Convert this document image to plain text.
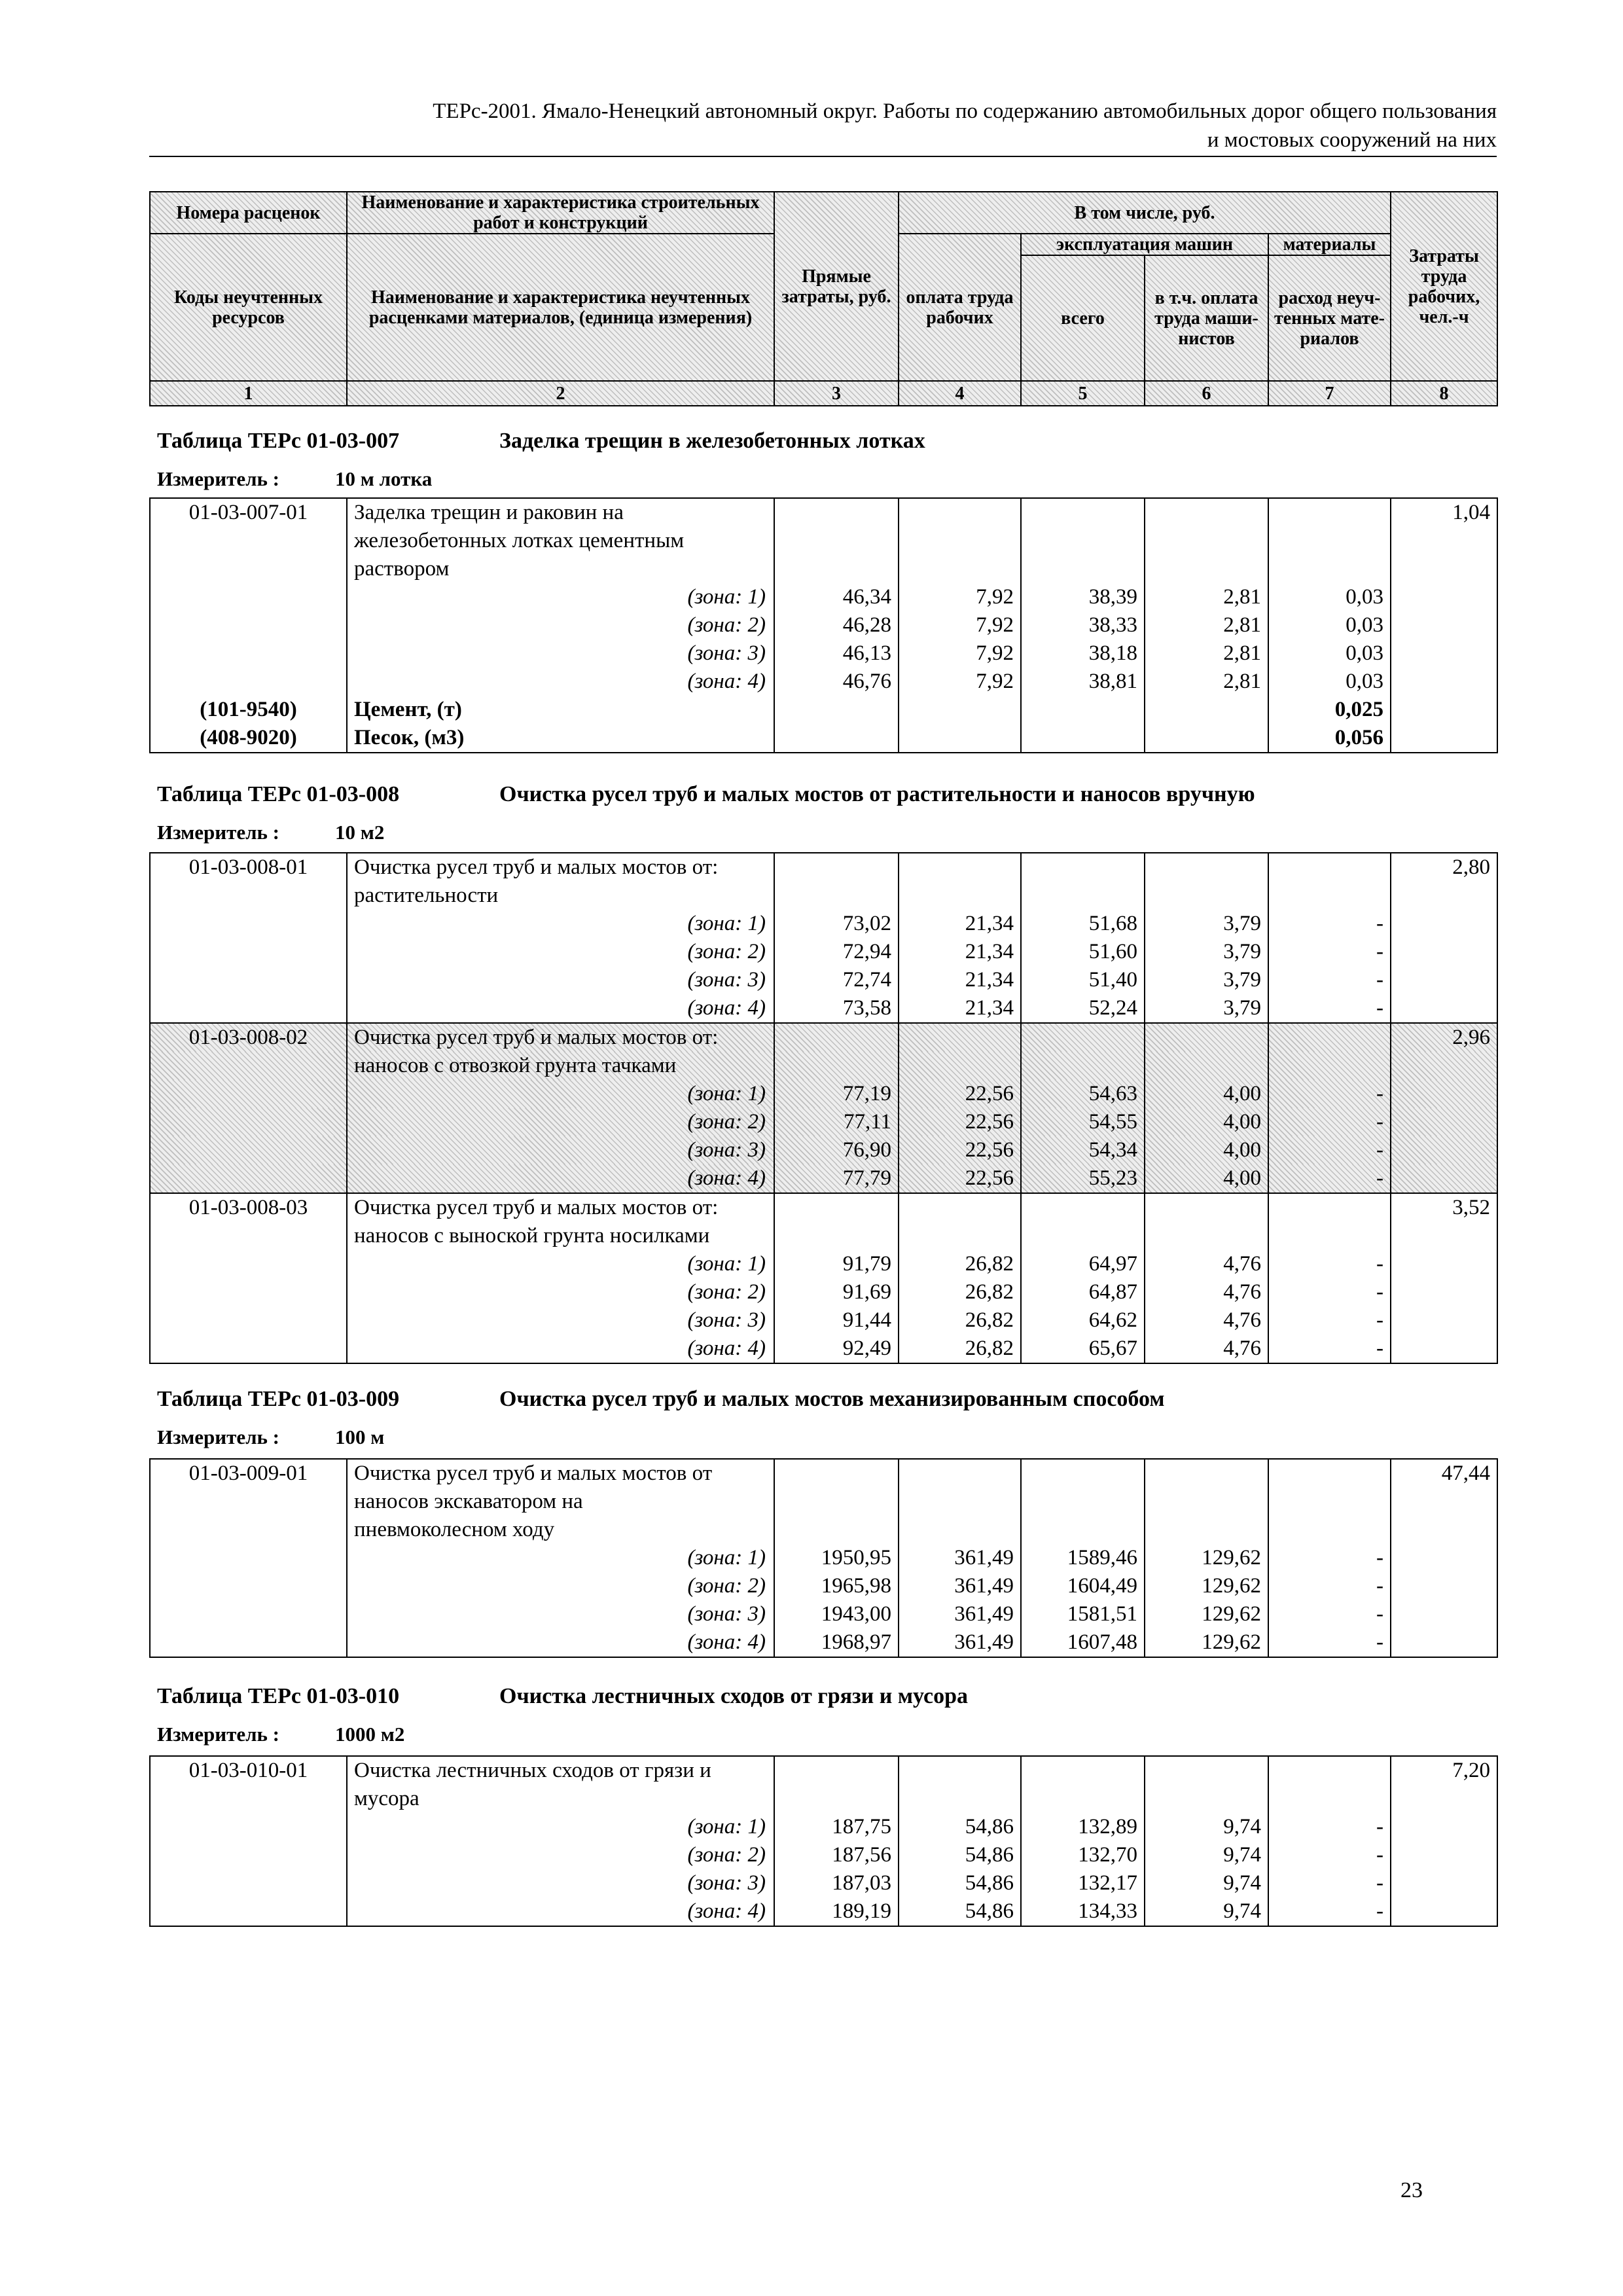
ТЕРс-2001. Ямало-Ненецкий автономный округ. Работы по содержанию автомобильных дорог общего пользования
и мостовых сооружений на них
Номера расценок	Наименование и характеристика строительных работ и конструкций	Прямые затраты, руб.	В том числе, руб.				Затраты труда рабочих, чел.-ч
Коды неучтенных ресурсов	Наименование и характеристика неучтенных расценками материалов, (единица измерения)		оплата труда рабочих	эксплуатация машин		материалы	
				всего	в т.ч. оплата труда маши-нистов	расход неуч-тенных мате-риалов	
1	2	3	4	5	6	7	8
Таблица ТЕРс 01-03-007	Заделка трещин в железобетонных лотках
Измеритель :	10 м лотка
01-03-007-01	Заделка трещин и раковин на						1,04
	железобетонных лотках цементным						
	раствором						
	(зона: 1)	46,34	7,92	38,39	2,81	0,03	
	(зона: 2)	46,28	7,92	38,33	2,81	0,03	
	(зона: 3)	46,13	7,92	38,18	2,81	0,03	
	(зона: 4)	46,76	7,92	38,81	2,81	0,03	
(101-9540)	Цемент, (т)					0,025	
(408-9020)	Песок, (м3)					0,056	
Таблица ТЕРс 01-03-008	Очистка русел труб и малых мостов от растительности и наносов вручную
Измеритель :	10 м2
01-03-008-01	Очистка русел труб и малых мостов от:						2,80
	растительности						
	(зона: 1)	73,02	21,34	51,68	3,79	-	
	(зона: 2)	72,94	21,34	51,60	3,79	-	
	(зона: 3)	72,74	21,34	51,40	3,79	-	
	(зона: 4)	73,58	21,34	52,24	3,79	-	
01-03-008-02	Очистка русел труб и малых мостов от:						2,96
	наносов с отвозкой грунта тачками						
	(зона: 1)	77,19	22,56	54,63	4,00	-	
	(зона: 2)	77,11	22,56	54,55	4,00	-	
	(зона: 3)	76,90	22,56	54,34	4,00	-	
	(зона: 4)	77,79	22,56	55,23	4,00	-	
01-03-008-03	Очистка русел труб и малых мостов от:						3,52
	наносов с выноской грунта носилками						
	(зона: 1)	91,79	26,82	64,97	4,76	-	
	(зона: 2)	91,69	26,82	64,87	4,76	-	
	(зона: 3)	91,44	26,82	64,62	4,76	-	
	(зона: 4)	92,49	26,82	65,67	4,76	-	
Таблица ТЕРс 01-03-009	Очистка русел труб и малых мостов механизированным способом
Измеритель :	100 м
01-03-009-01	Очистка русел труб и малых мостов от						47,44
	наносов экскаватором на						
	пневмоколесном ходу						
	(зона: 1)	1950,95	361,49	1589,46	129,62	-	
	(зона: 2)	1965,98	361,49	1604,49	129,62	-	
	(зона: 3)	1943,00	361,49	1581,51	129,62	-	
	(зона: 4)	1968,97	361,49	1607,48	129,62	-	
Таблица ТЕРс 01-03-010	Очистка лестничных сходов от грязи и мусора
Измеритель :	1000 м2
01-03-010-01	Очистка лестничных сходов от грязи и						7,20
	мусора						
	(зона: 1)	187,75	54,86	132,89	9,74	-	
	(зона: 2)	187,56	54,86	132,70	9,74	-	
	(зона: 3)	187,03	54,86	132,17	9,74	-	
	(зона: 4)	189,19	54,86	134,33	9,74	-	
23
